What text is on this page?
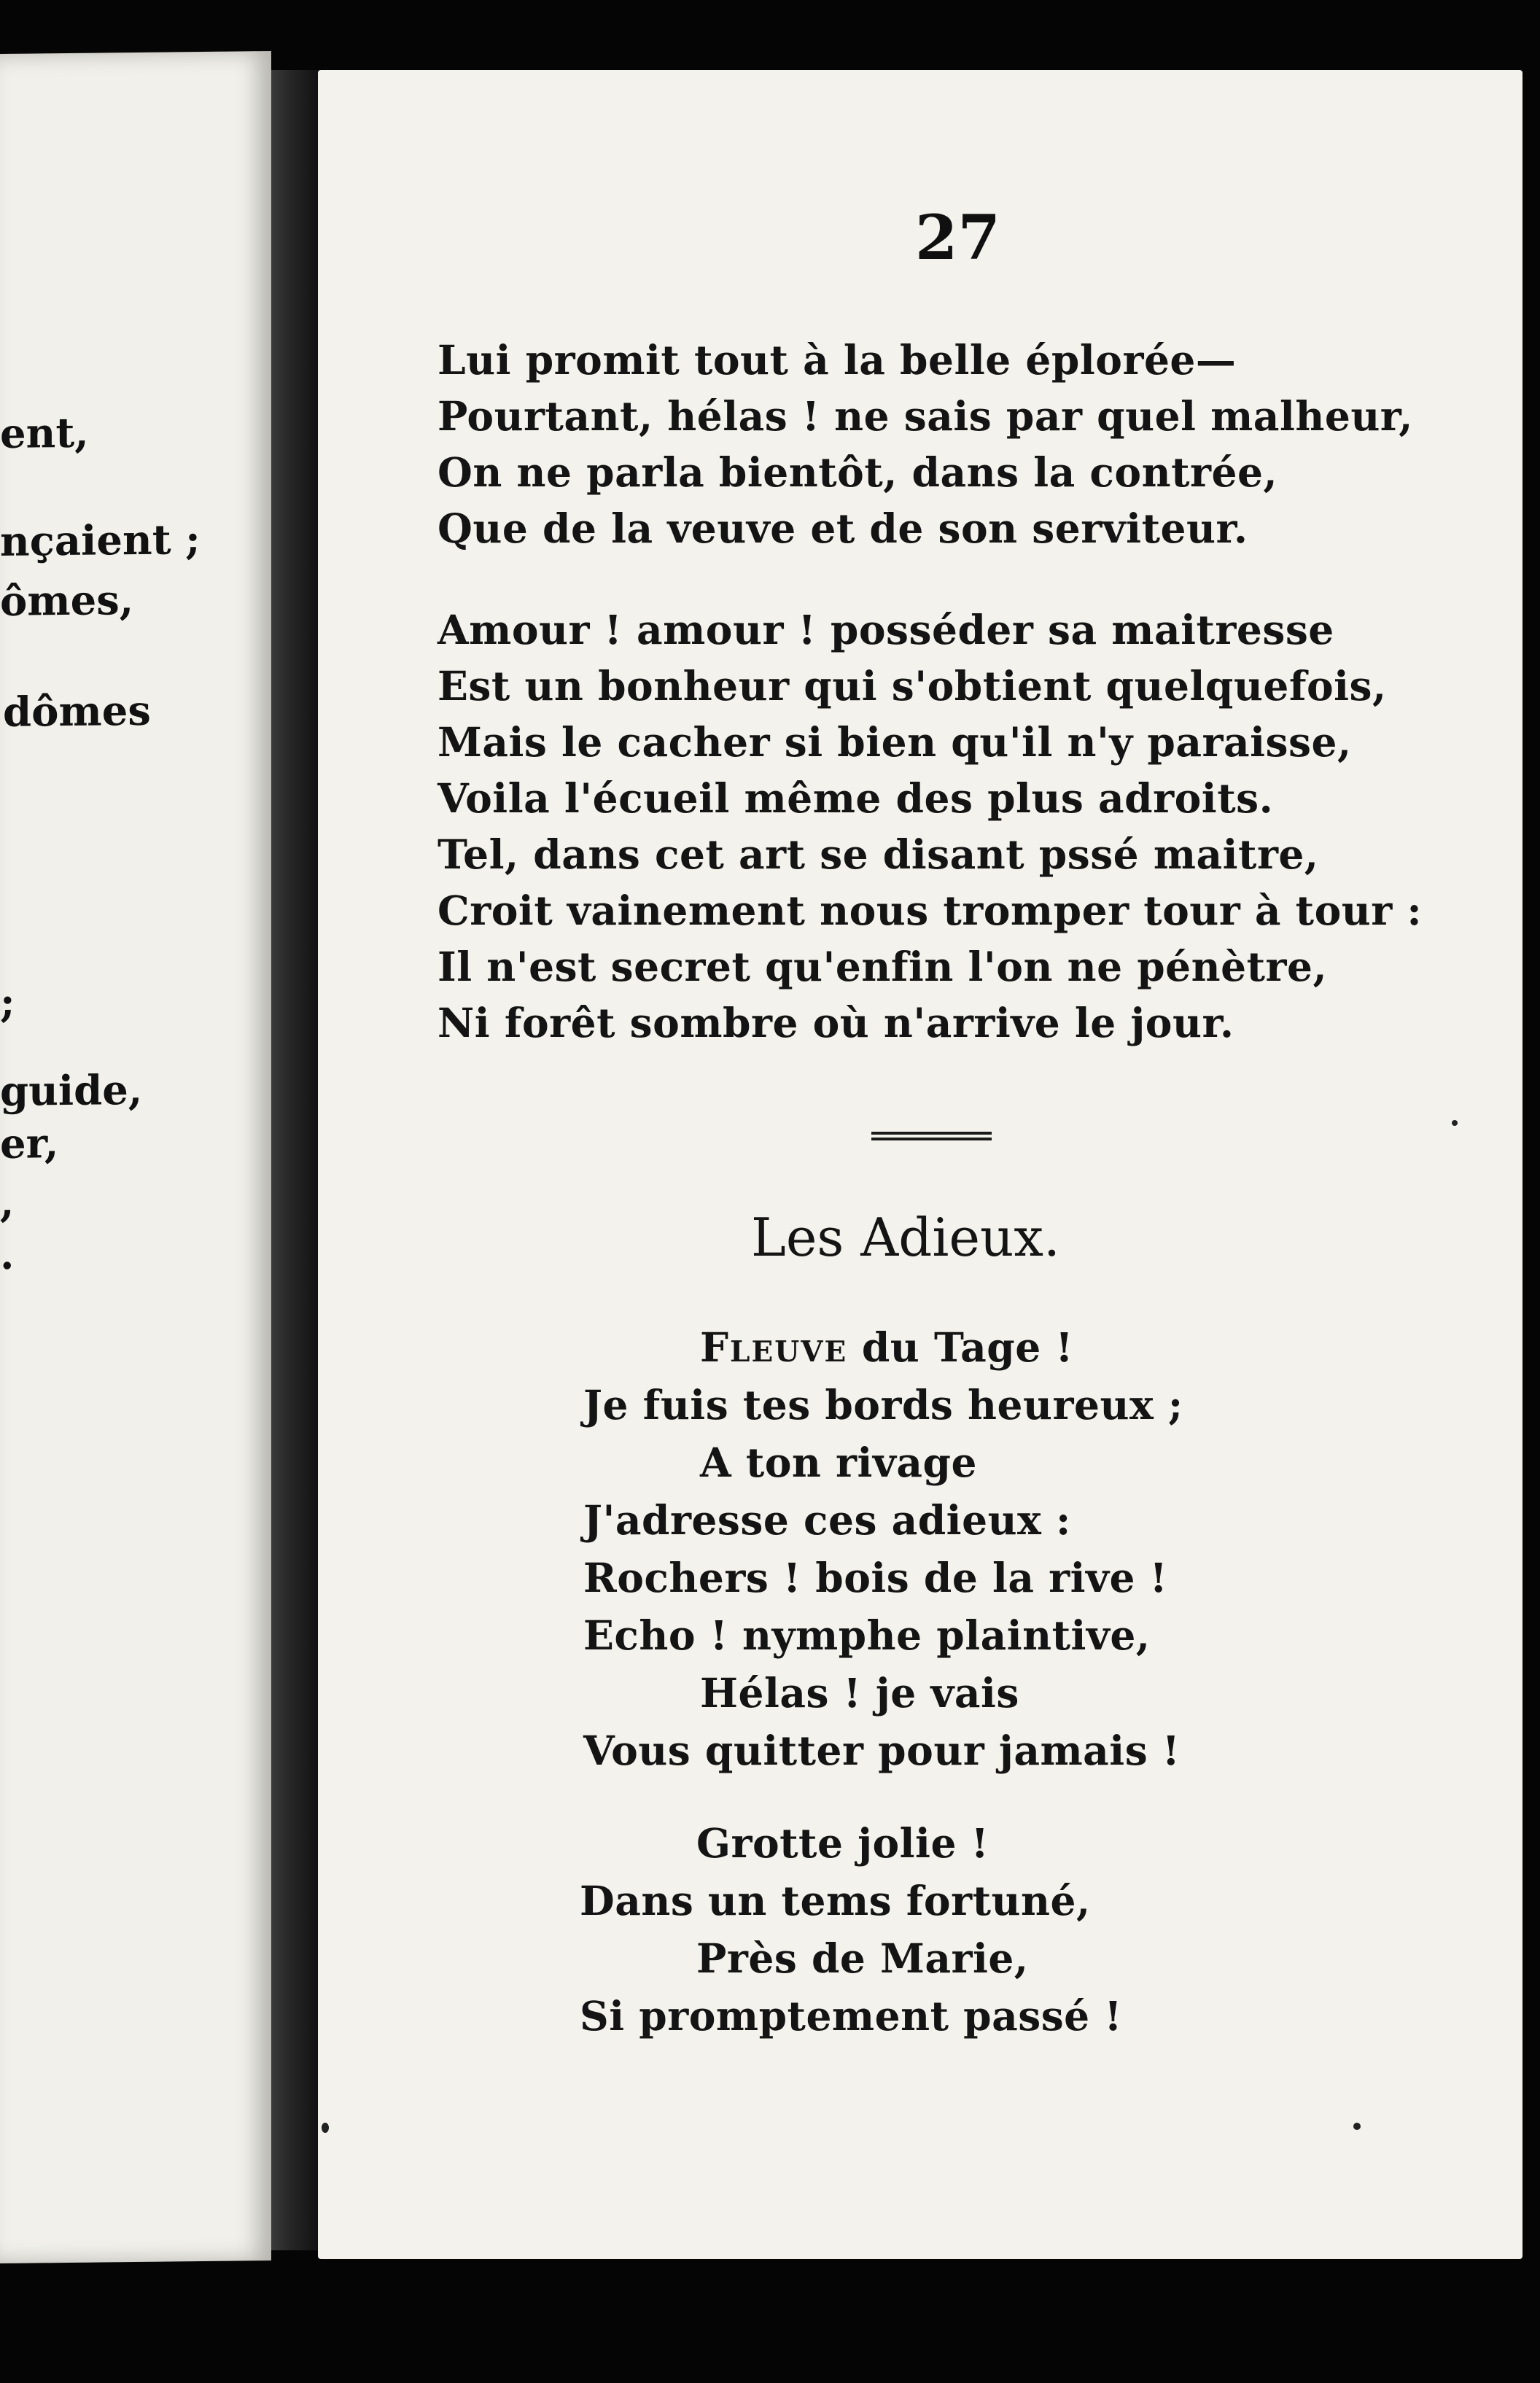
ent,
nçaient ;
ômes,
dômes
;
guide,
er,
,
.
27
Lui promit tout à la belle éplorée—
Pourtant, hélas ! ne sais par quel malheur,
On ne parla bientôt, dans la contrée,
Que de la veuve et de son serviteur.
Amour ! amour ! posséder sa maitresse
Est un bonheur qui s'obtient quelquefois,
Mais le cacher si bien qu'il n'y paraisse,
Voila l'écueil même des plus adroits.
Tel, dans cet art se disant pssé maitre,
Croit vainement nous tromper tour à tour :
Il n'est secret qu'enfin l'on ne pénètre,
Ni forêt sombre où n'arrive le jour.
Les Adieux.
Fleuve du Tage !
Je fuis tes bords heureux ;
A ton rivage
J'adresse ces adieux :
Rochers ! bois de la rive !
Echo ! nymphe plaintive,
Hélas ! je vais
Vous quitter pour jamais !
Grotte jolie !
Dans un tems fortuné,
Près de Marie,
Si promptement passé !
